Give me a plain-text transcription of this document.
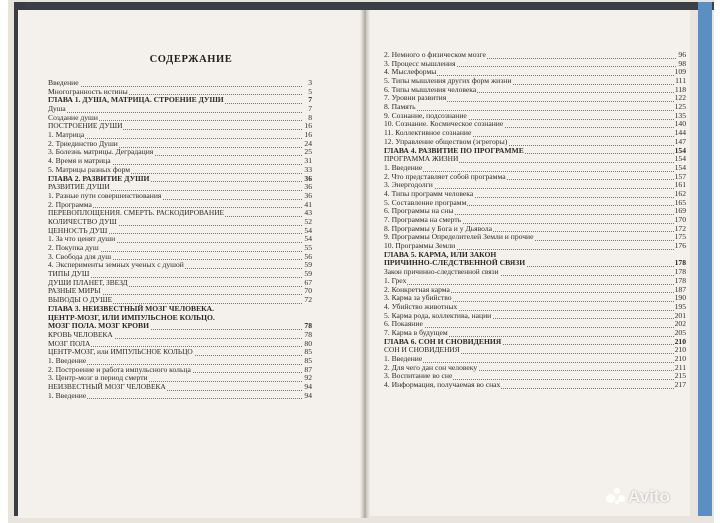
СОДЕРЖАНИЕ
Введение	3
Многогранность истины	5
ГЛАВА 1. ДУША, МАТРИЦА. СТРОЕНИЕ ДУШИ	7
Душа	7
Создание души	8
ПОСТРОЕНИЕ ДУШИ	16
1. Матрица	16
2. Триединство Души	24
3. Болезнь матрицы. Деградация	25
4. Время и матрица	31
5. Матрицы разных форм	33
ГЛАВА 2. РАЗВИТИЕ ДУШИ	36
РАЗВИТИЕ ДУШИ	36
1. Разные пути совершенствования	36
2. Программа	41
ПЕРЕВОПЛОЩЕНИЯ. СМЕРТЬ. РАСКОДИРОВАНИЕ	43
КОЛИЧЕСТВО ДУШ	52
ЦЕННОСТЬ ДУШ	54
1. За что ценят души	54
2. Покупка душ	55
3. Свобода для душ	56
4. Эксперименты земных ученых с душой	59
ТИПЫ ДУШ	59
ДУШИ ПЛАНЕТ, ЗВЕЗД	67
РАЗНЫЕ МИРЫ	70
ВЫВОДЫ О ДУШЕ	72
ГЛАВА 3. НЕИЗВЕСТНЫЙ МОЗГ ЧЕЛОВЕКА.
ЦЕНТР-МОЗГ, ИЛИ ИМПУЛЬСНОЕ КОЛЬЦО.
МОЗГ ПОЛА. МОЗГ КРОВИ	78
КРОВЬ ЧЕЛОВЕКА	78
МОЗГ ПОЛА	80
ЦЕНТР-МОЗГ, или ИМПУЛЬСНОЕ КОЛЬЦО	85
1. Введение	85
2. Построение и работа импульсного кольца	87
3. Центр-мозг в период смерти	92
НЕИЗВЕСТНЫЙ МОЗГ ЧЕЛОВЕКА	94
1. Введение	94
2. Немного о физическом мозге	96
3. Процесс мышления	98
4. Мыслеформы	109
5. Типы мышления других форм жизни	111
6. Типы мышления человека	118
7. Уровни развития	122
8. Память	125
9. Сознание, подсознание	135
10. Сознание. Космическое сознание	140
11. Коллективное сознание	144
12. Управление обществом (эгрегоры)	147
ГЛАВА 4. РАЗВИТИЕ ПО ПРОГРАММЕ	154
ПРОГРАММА ЖИЗНИ	154
1. Введение	154
2. Что представляет собой программа	157
3. Энергодолги	161
4. Типы программ человека	162
5. Составление программ	165
6. Программы на сны	169
7. Программа на смерть	170
8. Программы у Бога и у Дьявола	172
9. Программы Определителей Земли и прочие	175
10. Программы Земли	176
ГЛАВА 5. КАРМА, ИЛИ ЗАКОН
ПРИЧИННО-СЛЕДСТВЕННОЙ СВЯЗИ	178
Закон причинно-следственной связи	178
1. Грех	178
2. Конкретная карма	187
3. Карма за убийство	190
4. Убийство животных	195
5. Карма рода, коллектива, нации	201
6. Покаяние	202
7. Карма в будущем	205
ГЛАВА 6. СОН И СНОВИДЕНИЯ	210
СОН И СНОВИДЕНИЯ	210
1. Введение	210
2. Для чего дан сон человеку	211
3. Воспитание во сне	215
4. Информация, получаемая во снах	217
Avito
